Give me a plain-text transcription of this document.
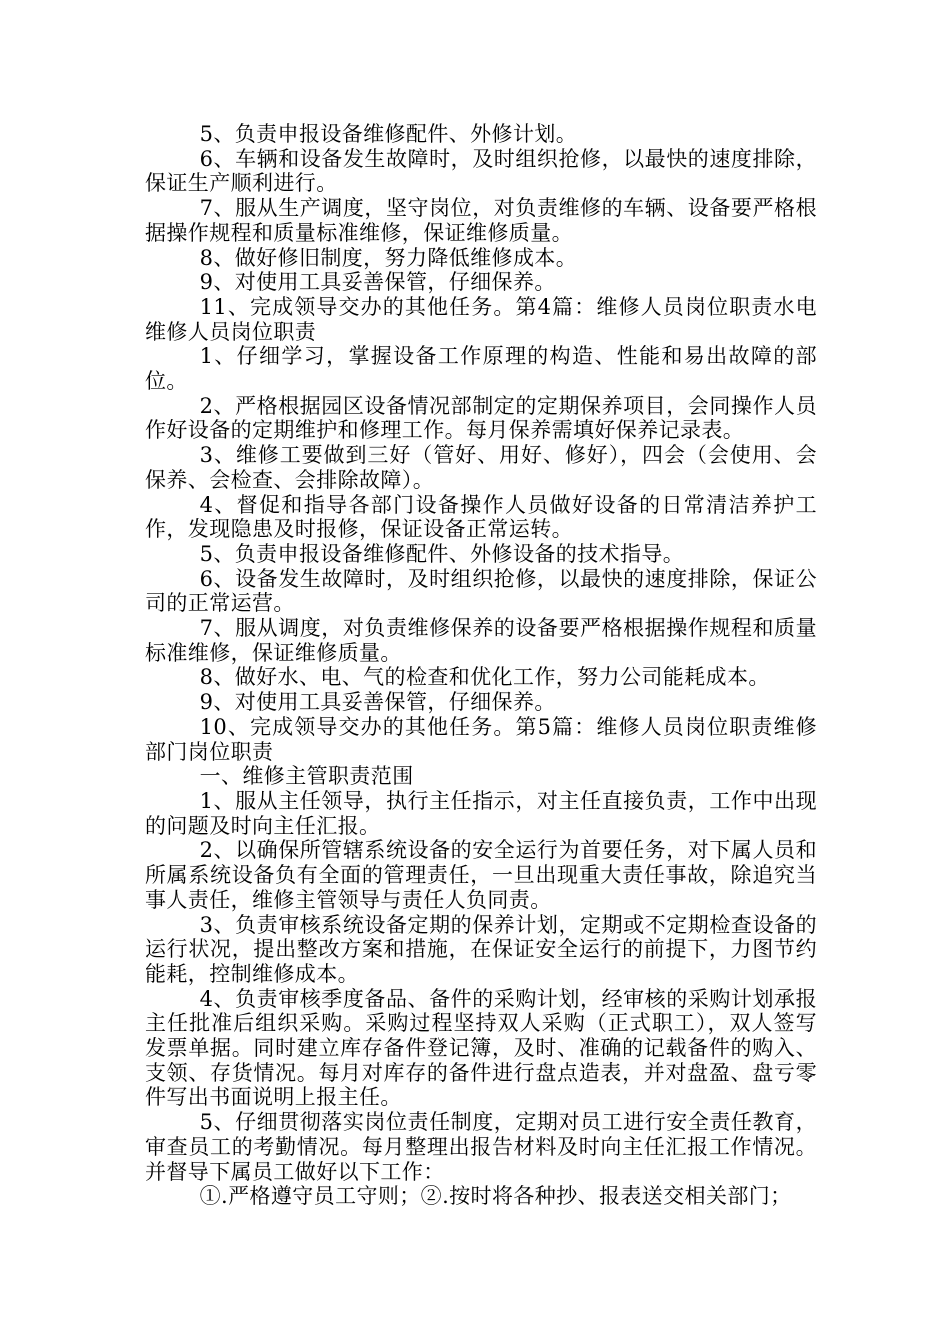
5、负责申报设备维修配件、外修计划。

6、车辆和设备发生故障时，及时组织抢修，以最快的速度排除，保证生产顺利进行。

7、服从生产调度，坚守岗位，对负责维修的车辆、设备要严格根据操作规程和质量标准维修，保证维修质量。

8、做好修旧制度，努力降低维修成本。

9、对使用工具妥善保管，仔细保养。

11、完成领导交办的其他任务。第4篇：维修人员岗位职责水电维修人员岗位职责

1、仔细学习，掌握设备工作原理的构造、性能和易出故障的部位。

2、严格根据园区设备情况部制定的定期保养项目，会同操作人员作好设备的定期维护和修理工作。每月保养需填好保养记录表。

3、维修工要做到三好（管好、用好、修好），四会（会使用、会保养、会检查、会排除故障）。

4、督促和指导各部门设备操作人员做好设备的日常清洁养护工作，发现隐患及时报修，保证设备正常运转。

5、负责申报设备维修配件、外修设备的技术指导。

6、设备发生故障时，及时组织抢修，以最快的速度排除，保证公司的正常运营。

7、服从调度，对负责维修保养的设备要严格根据操作规程和质量标准维修，保证维修质量。

8、做好水、电、气的检查和优化工作，努力公司能耗成本。

9、对使用工具妥善保管，仔细保养。

10、完成领导交办的其他任务。第5篇：维修人员岗位职责维修部门岗位职责

一、维修主管职责范围

1、服从主任领导，执行主任指示，对主任直接负责，工作中出现的问题及时向主任汇报。

2、以确保所管辖系统设备的安全运行为首要任务，对下属人员和所属系统设备负有全面的管理责任，一旦出现重大责任事故，除追究当事人责任，维修主管领导与责任人负同责。

3、负责审核系统设备定期的保养计划，定期或不定期检查设备的运行状况，提出整改方案和措施，在保证安全运行的前提下，力图节约能耗，控制维修成本。

4、负责审核季度备品、备件的采购计划，经审核的采购计划承报主任批准后组织采购。采购过程坚持双人采购（正式职工），双人签写发票单据。同时建立库存备件登记簿，及时、准确的记载备件的购入、支领、存货情况。每月对库存的备件进行盘点造表，并对盘盈、盘亏零件写出书面说明上报主任。

5、仔细贯彻落实岗位责任制度，定期对员工进行安全责任教育，审查员工的考勤情况。每月整理出报告材料及时向主任汇报工作情况。并督导下属员工做好以下工作：

①.严格遵守员工守则；②.按时将各种抄、报表送交相关部门；
